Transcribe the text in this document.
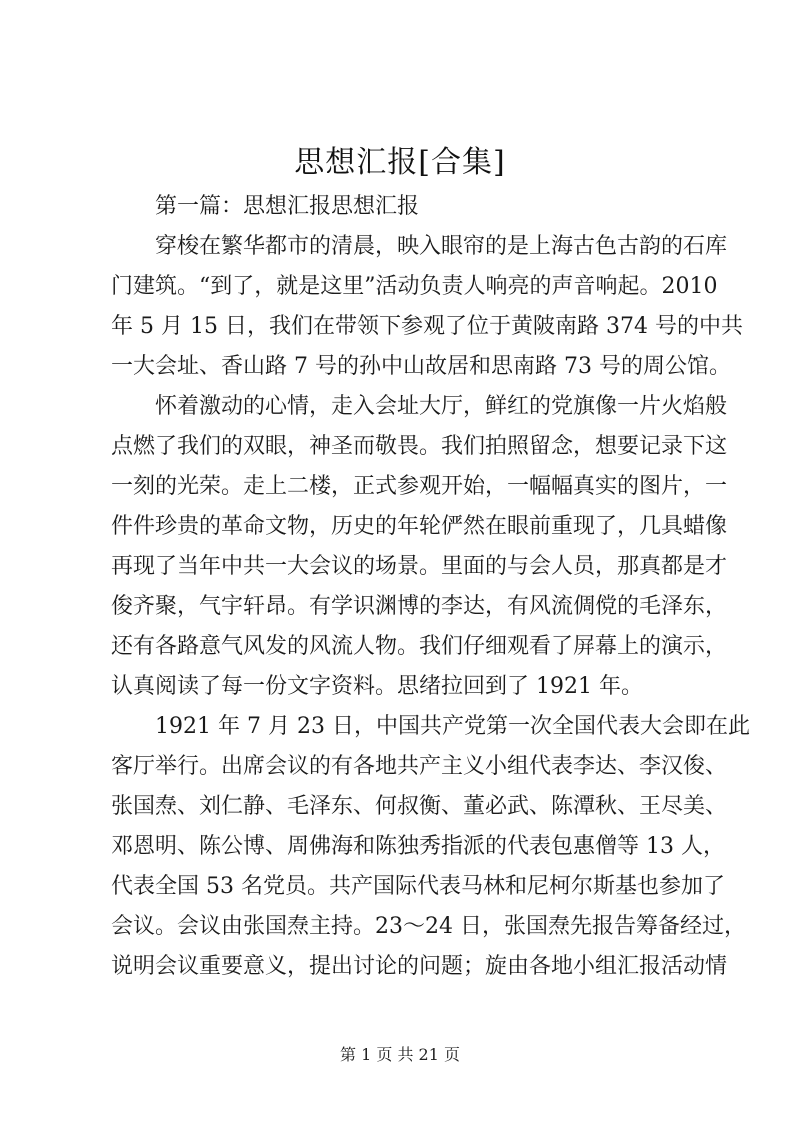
思想汇报[合集]
第一篇：思想汇报思想汇报
穿梭在繁华都市的清晨，映入眼帘的是上海古色古韵的石库
门建筑。“到了，就是这里”活动负责人响亮的声音响起。2010
年 5 月 15 日，我们在带领下参观了位于黄陂南路 374 号的中共
一大会址、香山路 7 号的孙中山故居和思南路 73 号的周公馆。
怀着激动的心情，走入会址大厅，鲜红的党旗像一片火焰般
点燃了我们的双眼，神圣而敬畏。我们拍照留念，想要记录下这
一刻的光荣。走上二楼，正式参观开始，一幅幅真实的图片，一
件件珍贵的革命文物，历史的年轮俨然在眼前重现了，几具蜡像
再现了当年中共一大会议的场景。里面的与会人员，那真都是才
俊齐聚，气宇轩昂。有学识渊博的李达，有风流倜傥的毛泽东，
还有各路意气风发的风流人物。我们仔细观看了屏幕上的演示，
认真阅读了每一份文字资料。思绪拉回到了 1921 年。
1921 年 7 月 23 日，中国共产党第一次全国代表大会即在此
客厅举行。出席会议的有各地共产主义小组代表李达、李汉俊、
张国焘、刘仁静、毛泽东、何叔衡、董必武、陈潭秋、王尽美、
邓恩明、陈公博、周佛海和陈独秀指派的代表包惠僧等 13 人，
代表全国 53 名党员。共产国际代表马林和尼柯尔斯基也参加了
会议。会议由张国焘主持。23～24 日，张国焘先报告筹备经过，
说明会议重要意义，提出讨论的问题；旋由各地小组汇报活动情
第 1 页 共 21 页
